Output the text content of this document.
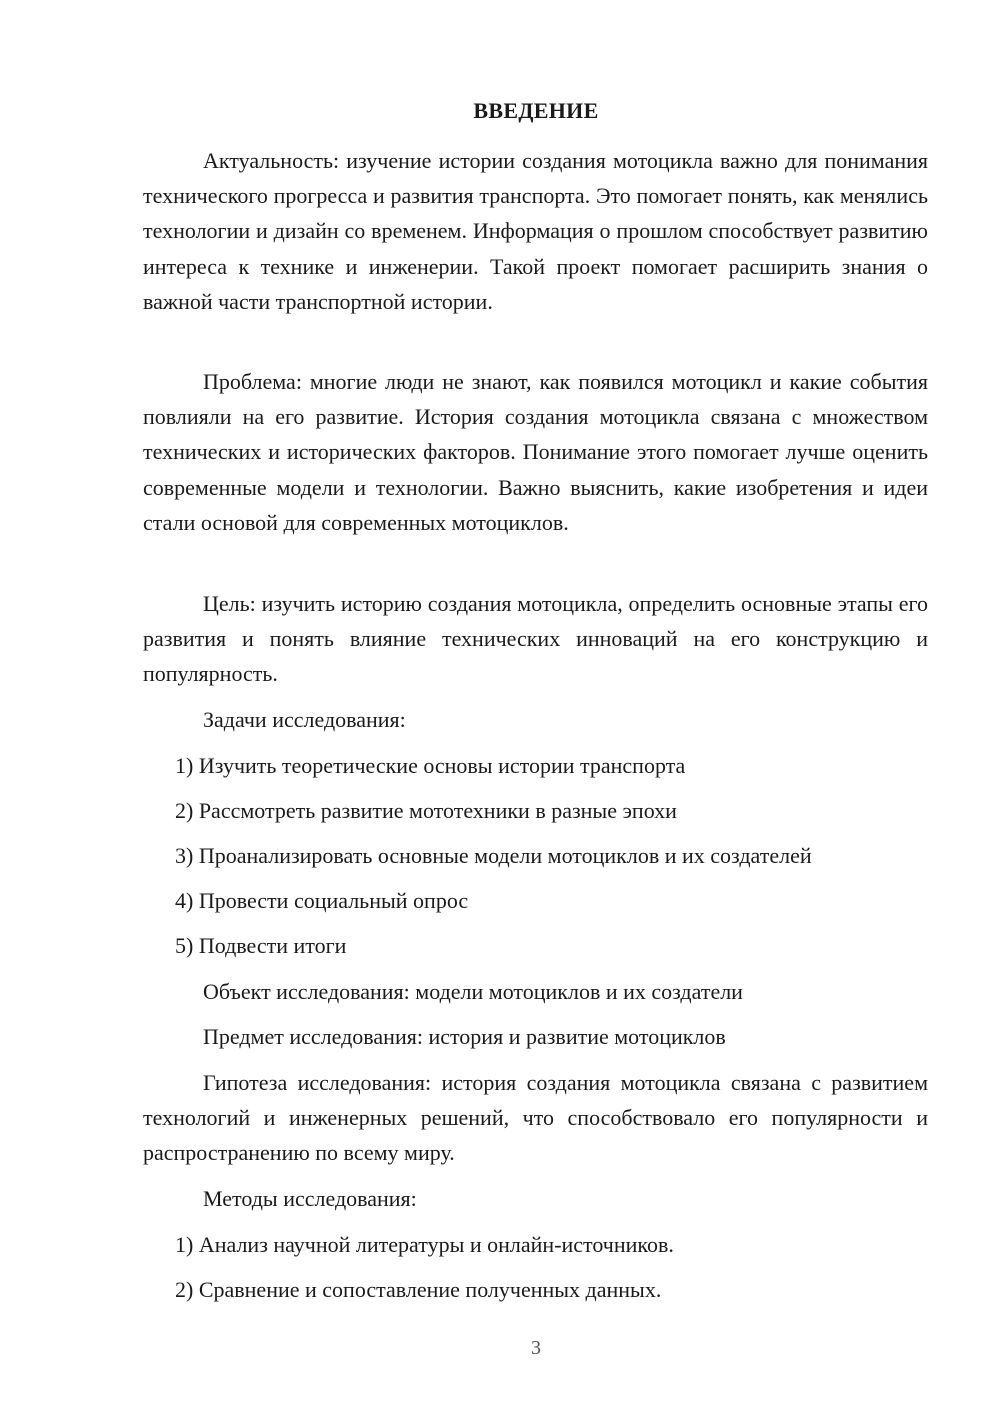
ВВЕДЕНИЕ

Актуальность: изучение истории создания мотоцикла важно для понимания технического прогресса и развития транспорта. Это помогает понять, как менялись технологии и дизайн со временем. Информация о прошлом способствует развитию интереса к технике и инженерии. Такой проект помогает расширить знания о важной части транспортной истории.

Проблема: многие люди не знают, как появился мотоцикл и какие события повлияли на его развитие. История создания мотоцикла связана с множеством технических и исторических факторов. Понимание этого помогает лучше оценить современные модели и технологии. Важно выяснить, какие изобретения и идеи стали основой для современных мотоциклов.

Цель: изучить историю создания мотоцикла, определить основные этапы его развития и понять влияние технических инноваций на его конструкцию и популярность.

Задачи исследования:
1) Изучить теоретические основы истории транспорта
2) Рассмотреть развитие мототехники в разные эпохи
3) Проанализировать основные модели мотоциклов и их создателей
4) Провести социальный опрос
5) Подвести итоги
Объект исследования: модели мотоциклов и их создатели
Предмет исследования: история и развитие мотоциклов

Гипотеза исследования: история создания мотоцикла связана с развитием технологий и инженерных решений, что способствовало его популярности и распространению по всему миру.

Методы исследования:
1) Анализ научной литературы и онлайн-источников.
2) Сравнение и сопоставление полученных данных.
3
